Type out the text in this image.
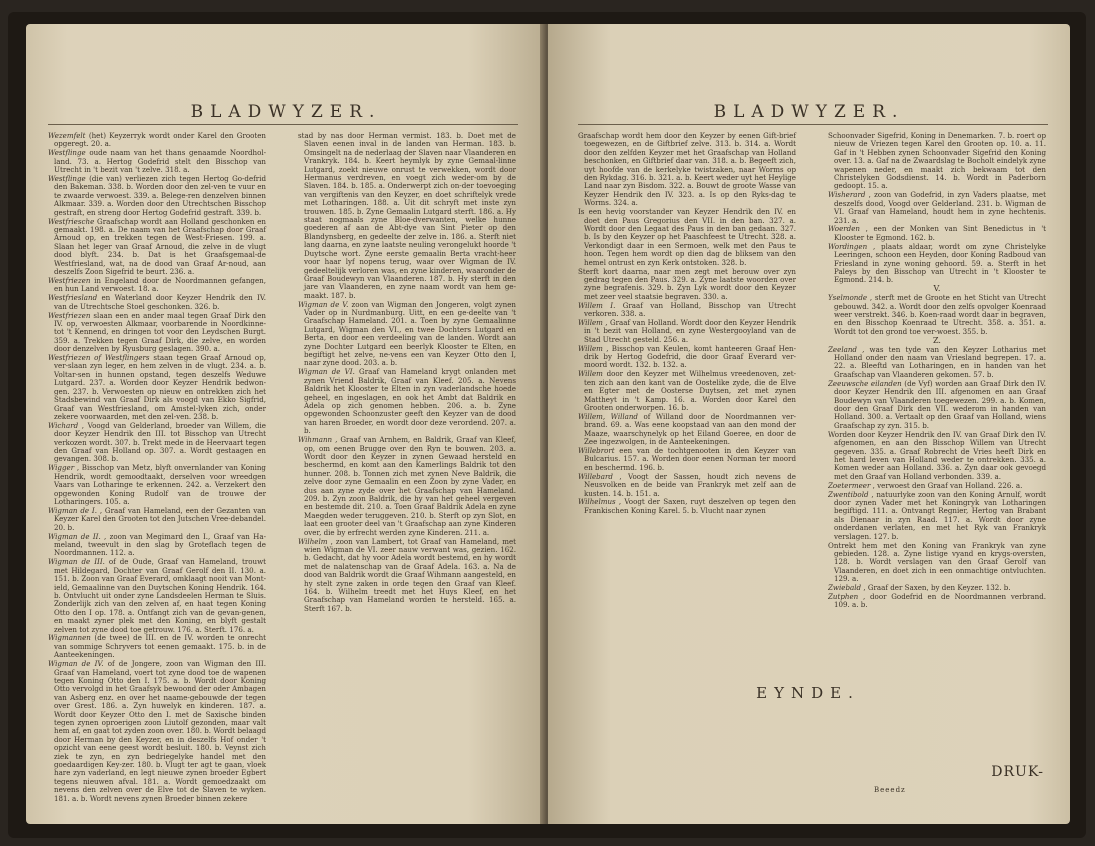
BLADWYZER.

Wezemfelt (het) Keyzerryk wordt onder Karel den Grooten opgeregt. 20. a.

Westflinge oude naam van het thans genaamde Noordhol-land. 73. a. Hertog Godefrid stelt den Bisschop van Utrecht in 't bezit van 't zelve. 318. a.

Westflinge (die van) verliezen zich tegen Hertog Go-defrid den Bakeman. 338. b. Worden door den zel-ven te vuur en te zwaarde verwoest. 339. a. Belege-ren denzelven binnen Alkmaar. 339. a. Worden door den Utrechtschen Bisschop gestraft, en streng door Hertog Godefrid gestraft. 339. b.

Westfriesche Graafschap wordt aan Holland geschonken en gemaakt. 198. a. De naam van het Graafschap door Graaf Arnoud op, en trekken tegen de West-Friesen. 199. a. Slaan het leger van Graaf Arnoud, die zelve in de vlugt dood blyft. 234. b. Dat is het Graafsgemaal-de Westfriesland, wat, na de dood van Graaf Ar-noud, aan deszelfs Zoon Sigefrid te beurt. 236. a.

Westfriezen in Engeland door de Noordmannen gefangen, en hun Land verwoest. 18. a.

Westfriesland en Waterland door Keyzer Hendrik den IV. van de Utrechtsche Stoel geschonken. 326. b.

Westfriezen slaan een en ander maal tegen Graaf Dirk den IV. op, verwoesten Alkmaar, voorbarende in Noordkinne-tot 't Kennend, en dringen tot voor den Leydschen Burgt. 359. a. Trekken tegen Graaf Dirk, die zelve, en worden door denzelven by Ryusburg geslagen. 390. a.

Westfriezen of Westflingers staan tegen Graaf Arnoud op, ver-slaan zyn leger, en hem zelven in de vlugt. 234. a. b. Voltar-sen in hunnen opstand, tegen deszelfs Weduwe Lutgard. 237. a. Worden door Keyzer Hendrik bedwon-gen. 237. b. Verwoesten op nieuw en ontrekken zich het Stadsbewind van Graaf Dirk als voogd van Ekko Sigfrid, Graaf van Westfriesland, om Amstel-lyken zich, onder zekere voorwaarden, met den zel-ven. 238. b.

Wichard , Voogd van Gelderland, broeder van Willem, die door Keyzer Hendrik den III. tot Bisschop van Utrecht verkozen wordt. 307. b. Trekt mede in de Heervaart tegen den Graaf van Holland op. 307. a. Wordt gestaagen en gevangen. 308. b.

Wigger , Bisschop van Metz, blyft onvernlander van Koning Hendrik, wordt gemoodtaakt, derselven voor wreedgen Vaars van Lotharinge te erkennen. 242. a. Verzekert den opgewonden Koning Rudolf van de trouwe der Lotharingers. 105. a.

Wigman de I. , Graaf van Hameland, een der Gezanten van Keyzer Karel den Grooten tot den Jutschen Vree-debandel. 20. b.

Wigman de II. , zoon van Megimard den I., Graaf van Ha-meland, tweevult in den slag by Groteflach tegen de Noordmannen. 112. a.

Wigman de III. of de Oude, Graaf van Hameland, trouwt met Hildegard, Dochter van Graaf Gerolf den II. 130. a. 151. b. Zoon van Graaf Everard, omklaagt nooit van Mont-ield, Gemaalinne van den Duytschen Koning Hendrik. 164. b. Ontvlucht uit onder zyne Landsdeelen Herman te Sluis. Zonderlijk zich van den zelven af, en haat tegen Koning Otto den I op. 178. a. Ontfangt zich van de gevan-genen, en maakt zyner plek met den Koning, en blyft gestalt zelven tot zyne dood toe getrouw. 176. a. Sterft. 176. a.

Wigmannen (de twee) de III. en de IV. worden te onrecht van sommige Schryvers tot eenen gemaakt. 175. b. in de Aanteekeningen.

Wigman de IV. of de Jongere, zoon van Wigman den III. Graaf van Hameland, voert tot zyne dood toe de wapenen tegen Koning Otto den I. 175. a. b. Wordt door Koning Otto vervolgd in het Graafsyk bewoond der oder Ambagen van Asberg enz. en over het naame-gebouwde der tegen over Grest. 186. a. Zyn huwelyk en kinderen. 187. a. Wordt door Keyzer Otto den I. met de Saxische binden tegen zynen oproerigen zoon Liutolf gezonden, maar valt hem af, en gaat tot zyden zoon over. 180. b. Wordt belaagd door Herman by den Keyzer, en in deszelfs Hof onder 't opzicht van eene geest wordt besluit. 180. b. Veynst zich ziek te zyn, en zyn bedriegelyke handel met den goedaardigen Key-zer. 180. b. Vlugt ter agt te gaan, vloek hare zyn vaderland, en legt nieuwe zynen broeder Egbert tegens nieuwen afval. 181. a. Wordt gemoedzaakt om nevens den zelven over de Elve tot de Slaven te wyken. 181. a. b. Wordt nevens zynen Broeder binnen zekere

stad by nas door Herman vermist. 183. b. Doet met de Slaven eenen inval in de landen van Herman. 183. b. Omsingelt na de nederlaag der Slaven naar Vlaanderen en Vrankryk. 184. b. Keert heymlyk by zyne Gemaal-linne Lutgard, zoekt nieuwe onrust te verwekken, wordt door Hermanus verdreven, en voegt zich weder-om by de Slaven. 184. b. 185. a. Onderwerpt zich on-der toevoeging van vergiftenis van den Keyzer, en doet schriftelyk vrede met Lotharingen. 188. a. Uit dit schryft met inste zyn trouwen. 185. b. Zyne Gemaalin Lutgard sterft. 186. a. Hy staat nogmaals zyne Bloe-dverwanten, welke hunne goederen af aan de Abt-dye van Sint Pieter op den Blandynsberg, en gedeelte der zelve in. 186. a. Sterft niet lang daarna, en zyne laatste neuling verongelukt hoorde 't Duytsche wort. Zyne eerste gemaalin Berta vracht-heer voor haar lyf nopens terug, waar over Wigman de IV. gedeeltelijk verloren was, en zyne kinderen, waaronder de Graaf Boudewyn van Vlaanderen. 187. b. Hy sterft in den jare van Vlaanderen, en zyne naam wordt van hem ge-maakt. 187. b.

Wigman de V. zoon van Wigman den Jongeren, volgt zynen Vader op in Nurdmanburg. Uitt, en een ge-deelte van 't Graafschap Hameland. 201. a. Toen by zyne Gemaalinne Lutgard, Wigman den VI., en twee Dochters Lutgard en Berta, en door een verdeeling van de landen. Wordt aan zyne Dochter Lutgard een beerlyk Klooster te Elten, en begiftigt het zelve, ne-vens een van Keyzer Otto den I, naar zyne dood. 203. a. b.

Wigman de VI. Graaf van Hameland krygt onlanden met zynen Vriend Baldrik, Graaf van Kleef. 205. a. Nevens Baldrik het Klooster te Elten in zyn vaderlandsche hoede geheel, en ingeslagen, en ook het Ambt dat Baldrik en Adela op zich genomen hebben. 206. a. b. Zyne opgewonden Schoonzuster geeft den Keyzer van de dood van haren Broeder, en wordt door deze verordend. 207. a. b.

Wihmann , Graaf van Arnhem, en Baldrik, Graaf van Kleef, op, om eenen Brugge over den Ryn te bouwen. 203. a. Wordt door den Keyzer in zynen Gewaad hersteld en beschermd, en komt aan den Kamerlings Baldrik tot den hunner. 208. b. Tonnen zich met zynen Neve Baldrik, die zelve door zyne Gemaalin en een Zoon by zyne Vader, en dus aan zyne zyde over het Graafschap van Hameland. 209. b. Zyn zoon Baldrik, die hy van het geheel vergeven en bestemde dit. 210. a. Toen Graaf Baldrik Adela en zyne Maegden weder teruggeven. 210. b. Sterft op zyn Slot, en laat een grooter deel van 't Graafschap aan zyne Kinderen over, die by erfrecht werden zyne Kinderen. 211. a.

Wilhelm , zoon van Lambert, tot Graaf van Hameland, met wien Wigman de VI. zeer nauw verwant was, gezien. 162. b. Gedacht, dat hy voor Adela wordt bestemd, en hy wordt met de nalatenschap van de Graaf Adela. 163. a. Na de dood van Baldrik wordt die Graaf Wihmann aangesteld, en hy stelt zyne zaken in orde tegen den Graaf van Kleef. 164. b. Wilhelm treedt met het Huys Kleef, en het Graafschap van Hameland worden te hersteld. 165. a. Sterft 167. b.

BLADWYZER.

Graafschap wordt hem door den Keyzer by eenen Gift-brief toegewezen, en de Giftbrief zelve. 313. b. 314. a. Wordt door den zelfden Keyzer met het Graafschap van Holland beschonken, en Giftbrief daar van. 318. a. b. Begeeft zich, uyt hoofde van de kerkelyke twistzaken, naar Worms op den Rykdag. 316. b. 321. a. b. Keert weder uyt het Heylige Land naar zyn Bisdom. 322. a. Bouwt de groote Wasse van Keyzer Hendrik den IV. 323. a. Is op den Ryks-dag te Worms. 324. a.

Is een hevig voorstander van Keyzer Hendrik den IV. en doet den Paus Gregorius den VII. in den ban. 327. a. Wordt door den Legaat des Paus in den ban gedaan. 327. b. Is by den Keyzer op het Paaschfeest te Utrecht. 328. a. Verkondigt daar in een Sermoen, welk met den Paus te hoon. Tegen hem wordt op dien dag de bliksem van den hemel ontrust en zyn Kerk ontstoken. 328. b.

Sterft kort daarna, naar men zegt met berouw over zyn gedrag tegen den Paus. 329. a. Zyne laatste woorden over zyne begrafenis. 329. b. Zyn Lyk wordt door den Keyzer met zeer veel staatsie begraven. 330. a.

Willem I. Graaf van Holland, Bisschop van Utrecht verkoren. 338. a.

Willem , Graaf van Holland. Wordt door den Keyzer Hendrik in 't bezit van Holland, en zyne Westergooyland van de Stad Utrecht gesteld. 256. a.

Willem , Bisschop van Keulen, komt hanteeren Graaf Hen-drik by Hertog Godefrid, die door Graaf Everard ver-moord wordt. 132. b. 132. a.

Willem door den Keyzer met Wilhelmus vreedenoven, zet-ten zich aan den kant van de Oostelike zyde, die de Elve en Egter met de Oosterse Duytsen, zet met zynen Mattheyt in 't Kamp. 16. a. Worden door Karel den Grooten onderworpen. 16. b.

Willem, Willand of Willand door de Noordmannen ver-brand. 69. a. Was eene koopstaad van aan den mond der Maaze, waarschynelyk op het Eiland Goeree, en door de Zee ingezwolgen, in de Aanteekeningen.

Willebrort een van de tochtgenooten in den Keyzer van Bulcarius. 157. a. Worden door eenen Norman ter moord en beschermd. 196. b.

Willebard , Voogt der Sassen, houdt zich nevens de Neusvolken en de beide van Frankryk met zelf aan de kusten. 14. b. 151. a.

Wilhelmus , Voogt der Saxen, ruyt deszelven op tegen den Frankischen Koning Karel. 5. b. Vlucht naar zynen

Schoonvader Sigefrid, Koning in Denemarken. 7. b. roert op nieuw de Vriezen tegen Karel den Grooten op. 10. a. 11. Gaf in 't Hebben zynen Schoonvader Sigefrid den Koning over. 13. a. Gaf na de Zwaardslag te Bocholt eindelyk zyne wapenen neder, en maakt zich bekwaam tot den Christelyken Godsdienst. 14. b. Wordt in Paderborn gedoopt. 15. a.

Wisherard , zoon van Godefrid, in zyn Vaders plaatse, met deszelfs dood, Voogd over Gelderland. 231. b. Wigman de VI. Graaf van Hameland, houdt hem in zyne hechtenis. 231. a.

Woerden , een der Monken van Sint Benedictus in 't Klooster te Egmond. 162. b.

Wordingen , plaats aldaar, wordt om zyne Christelyke Leeringen, schoon een Heyden, door Koning Radboud van Friesland in zyne woning gehoord. 59. a. Sterft in het Paleys by den Bisschop van Utrecht in 't Klooster te Egmond. 214. b.

V.

Yselmonde , sterft met de Groote en het Sticht van Utrecht gebouwd. 342. a. Wordt door den zelfs opvolger Koenraad weer verstrekt. 346. b. Koen-raad wordt daar in begraven, en den Bisschop Koenraad te Utrecht. 358. a. 351. a. Wordt tot den grond toe ver-woest. 355. b.

Z.

Zeeland , was ten tyde van den Keyzer Lotharius met Holland onder den naam van Vriesland begrepen. 17. a. 22. a. Bleeftd van Lotharingen, en in handen van het Graafschap van Vlaanderen gekomen. 57. b.

Zeeuwsche eilanden (de Vyf) worden aan Graaf Dirk den IV. door Keyzer Hendrik den III. afgenomen en aan Graaf Boudewyn van Vlaanderen toegewezen. 299. a. b. Komen, door den Graaf Dirk den VII. wederom in handen van Holland. 300. a. Vertaalt op den Graaf van Holland, wiens Graafschap zy zyn. 315. b.

Worden door Keyzer Hendrik den IV. van Graaf Dirk den IV. afgenomen, en aan den Bisschop Willem van Utrecht gegeven. 335. a. Graaf Robrecht de Vries heeft Dirk en het hard leven van Holland weder te ontrekken. 335. a. Komen weder aan Holland. 336. a. Zyn daar ook gevoegd met den Graaf van Holland verbonden. 339. a.

Zoetermeer , verwoest den Graaf van Holland. 226. a.

Zwentibold , natuurlyke zoon van den Koning Arnulf, wordt door zynen Vader met het Koningryk van Lotharingen begiftigd. 111. a. Ontvangt Regnier, Hertog van Brabant als Dienaar in zyn Raad. 117. a. Wordt door zyne onderdanen verlaten, en met het Ryk van Frankryk verslagen. 127. b.

Ontrekt hem met den Koning van Frankryk van zyne gebieden. 128. a. Zyne listige vyand en krygs-oversten, 128. b. Wordt verslagen van den Graaf Gerolf van Vlaanderen, en doet zich in een onmachtige ontvluchten. 129. a.

Zwiebald , Graaf der Saxen, by den Keyzer. 132. b.

Zutphen , door Godefrid en de Noordmannen verbrand. 109. a. b.

EYNDE.
Beeedz
DRUK-
